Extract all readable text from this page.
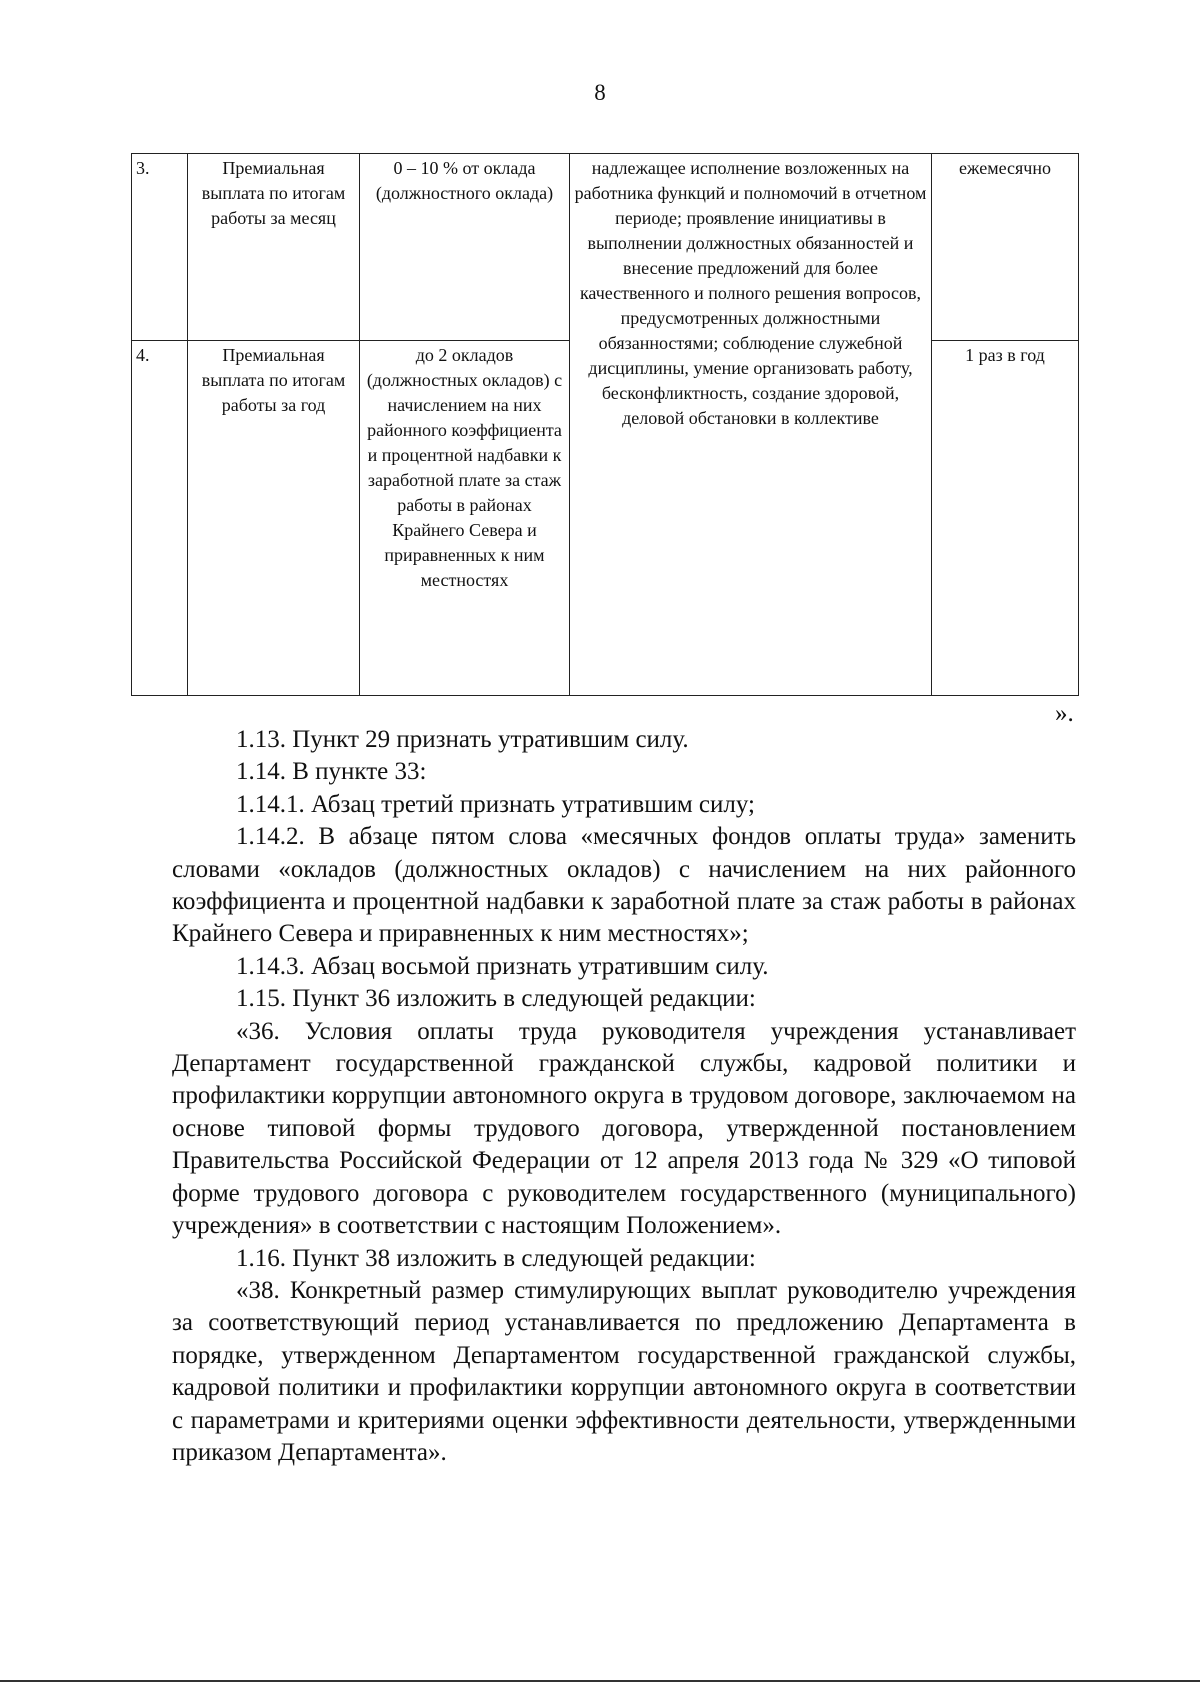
8
3.	Премиальная выплата по итогам работы за месяц	0 – 10 % от оклада (должностного оклада)	надлежащее исполнение возложенных на работника функций и полномочий в отчетном периоде; проявление инициативы в выполнении должностных обязанностей и внесение предложений для более качественного и полного решения вопросов, предусмотренных должностными обязанностями; соблюдение служебной дисциплины, умение организовать работу, бесконфликтность, создание здоровой, деловой обстановки в коллективе	ежемесячно
4.	Премиальная выплата по итогам работы за год	до 2 окладов (должностных окладов) с начислением на них районного коэффициента и процентной надбавки к заработной плате за стаж работы в районах Крайнего Севера и приравненных к ним местностях		1 раз в год
».

1.13. Пункт 29 признать утратившим силу.

1.14. В пункте 33:

1.14.1. Абзац третий признать утратившим силу;

1.14.2. В абзаце пятом слова «месячных фондов оплаты труда» заменить словами «окладов (должностных окладов) с начислением на них районного коэффициента и процентной надбавки к заработной плате за стаж работы в районах Крайнего Севера и приравненных к ним местностях»;

1.14.3. Абзац восьмой признать утратившим силу.

1.15. Пункт 36 изложить в следующей редакции:

«36. Условия оплаты труда руководителя учреждения устанавливает Департамент государственной гражданской службы, кадровой политики и профилактики коррупции автономного округа в трудовом договоре, заключаемом на основе типовой формы трудового договора, утвержденной постановлением Правительства Российской Федерации от 12 апреля 2013 года № 329 «О типовой форме трудового договора с руководителем государственного (муниципального) учреждения» в соответствии с настоящим Положением».

1.16. Пункт 38 изложить в следующей редакции:

«38. Конкретный размер стимулирующих выплат руководителю учреждения за соответствующий период устанавливается по предложению Департамента в порядке, утвержденном Департаментом государственной гражданской службы, кадровой политики и профилактики коррупции автономного округа в соответствии с параметрами и критериями оценки эффективности деятельности, утвержденными приказом Департамента».
